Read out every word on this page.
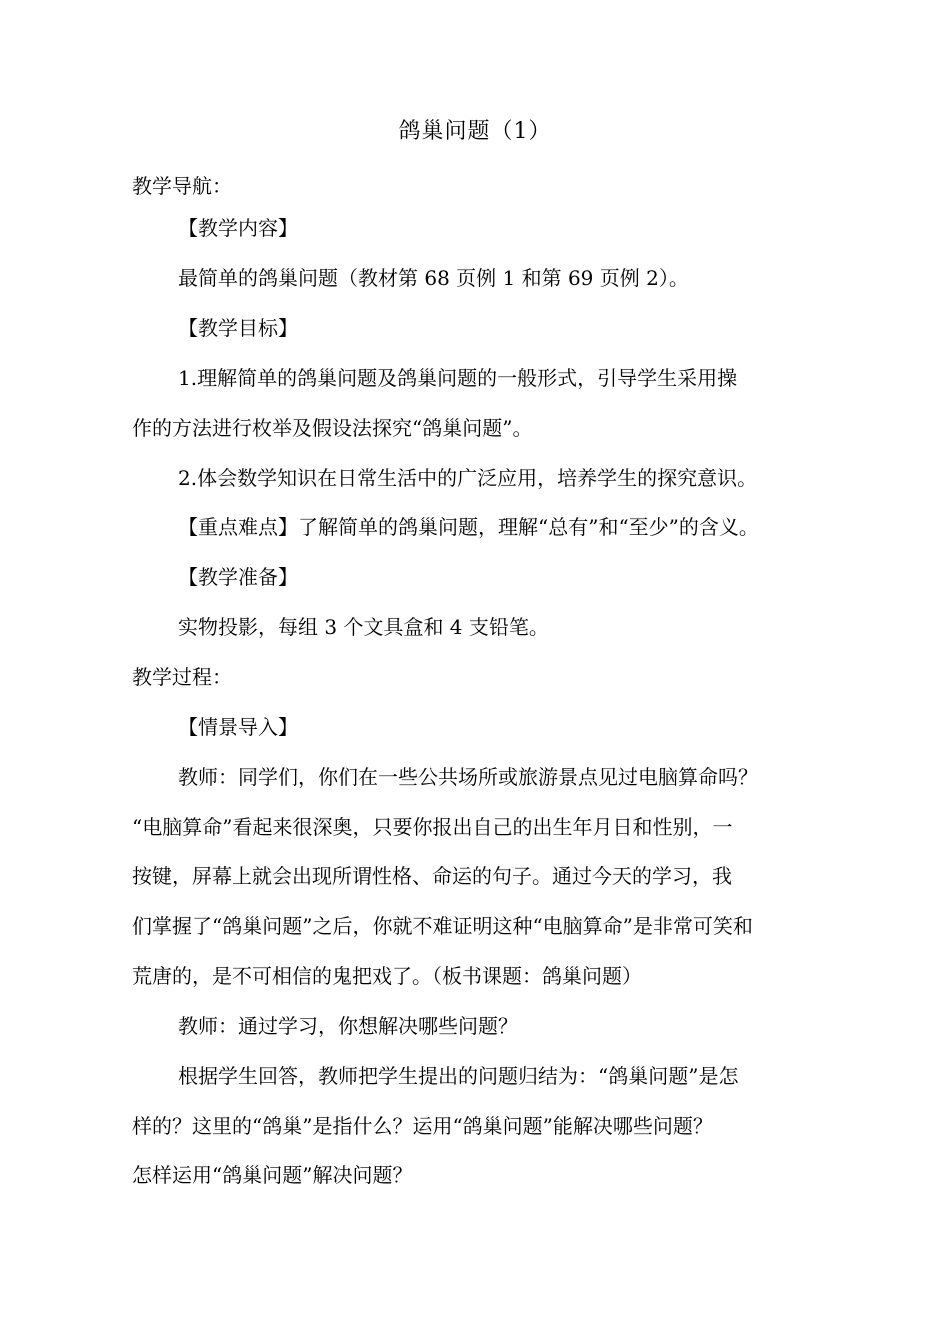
鸽巢问题（1）
教学导航：
【教学内容】
最简单的鸽巢问题（教材第 68 页例 1 和第 69 页例 2）。
【教学目标】
1.理解简单的鸽巢问题及鸽巢问题的一般形式，引导学生采用操
作的方法进行枚举及假设法探究“鸽巢问题”。
2.体会数学知识在日常生活中的广泛应用，培养学生的探究意识。
【重点难点】了解简单的鸽巢问题，理解“总有”和“至少”的含义。
【教学准备】
实物投影，每组 3 个文具盒和 4 支铅笔。
教学过程：
【情景导入】
教师：同学们，你们在一些公共场所或旅游景点见过电脑算命吗？
“电脑算命”看起来很深奥，只要你报出自己的出生年月日和性别，一
按键，屏幕上就会出现所谓性格、命运的句子。通过今天的学习，我
们掌握了“鸽巢问题”之后，你就不难证明这种“电脑算命”是非常可笑和
荒唐的，是不可相信的鬼把戏了。（板书课题：鸽巢问题）
教师：通过学习，你想解决哪些问题？
根据学生回答，教师把学生提出的问题归结为：“鸽巢问题”是怎
样的？这里的“鸽巢”是指什么？运用“鸽巢问题”能解决哪些问题？
怎样运用“鸽巢问题”解决问题？
